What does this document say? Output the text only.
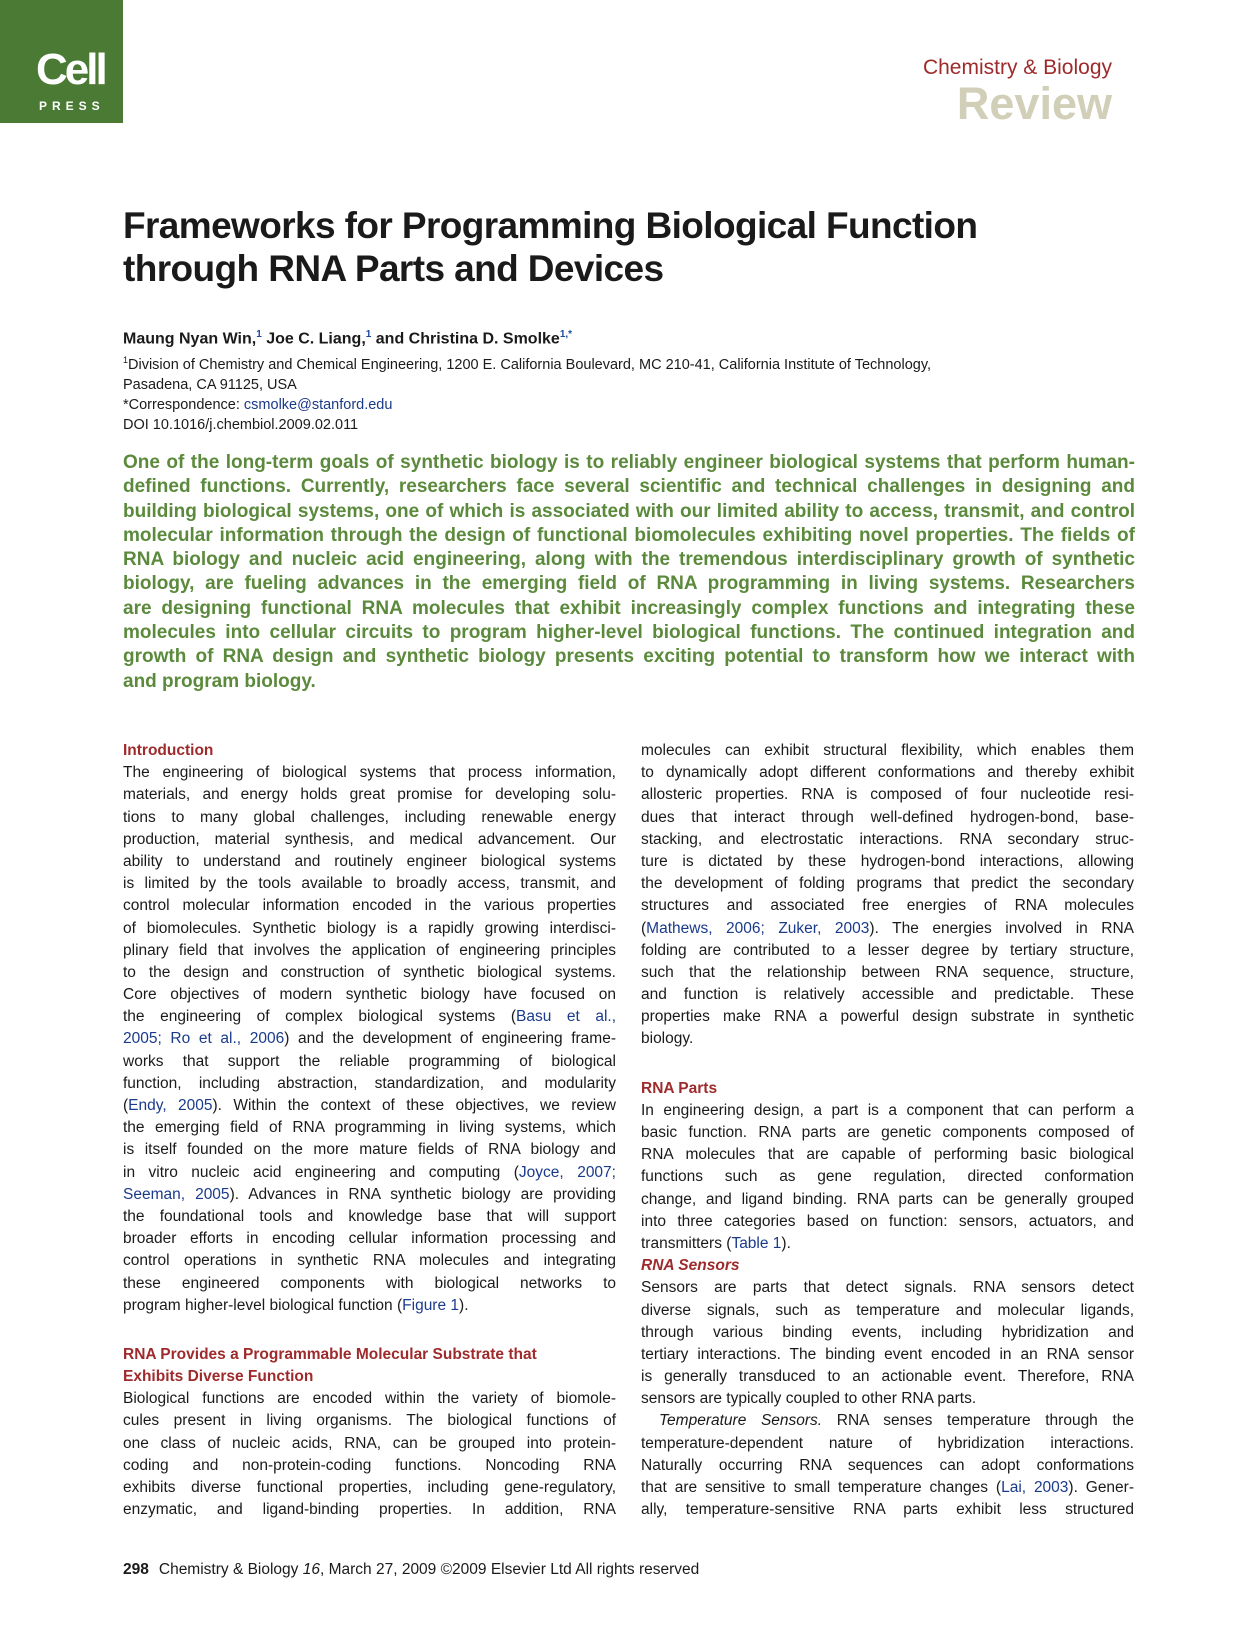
Cell
PRESS
Chemistry & Biology
Review
Frameworks for Programming Biological Function
through RNA Parts and Devices
Maung Nyan Win,$^1$ Joe C. Liang,$^1$ and Christina D. Smolke$^{1,*}$
$^1$Division of Chemistry and Chemical Engineering, 1200 E. California Boulevard, MC 210-41, California Institute of Technology,
Pasadena, CA 91125, USA
*Correspondence: csmolke@stanford.edu
DOI 10.1016/j.chembiol.2009.02.011
One of the long-term goals of synthetic biology is to reliably engineer biological systems that perform human-
defined functions. Currently, researchers face several scientific and technical challenges in designing and
building biological systems, one of which is associated with our limited ability to access, transmit, and control
molecular information through the design of functional biomolecules exhibiting novel properties. The fields of
RNA biology and nucleic acid engineering, along with the tremendous interdisciplinary growth of synthetic
biology, are fueling advances in the emerging field of RNA programming in living systems. Researchers
are designing functional RNA molecules that exhibit increasingly complex functions and integrating these
molecules into cellular circuits to program higher-level biological functions. The continued integration and
growth of RNA design and synthetic biology presents exciting potential to transform how we interact with
and program biology.
Introduction
The engineering of biological systems that process information,
materials, and energy holds great promise for developing solu-
tions to many global challenges, including renewable energy
production, material synthesis, and medical advancement. Our
ability to understand and routinely engineer biological systems
is limited by the tools available to broadly access, transmit, and
control molecular information encoded in the various properties
of biomolecules. Synthetic biology is a rapidly growing interdisci-
plinary field that involves the application of engineering principles
to the design and construction of synthetic biological systems.
Core objectives of modern synthetic biology have focused on
the engineering of complex biological systems (Basu et al.,
2005; Ro et al., 2006) and the development of engineering frame-
works that support the reliable programming of biological
function, including abstraction, standardization, and modularity
(Endy, 2005). Within the context of these objectives, we review
the emerging field of RNA programming in living systems, which
is itself founded on the more mature fields of RNA biology and
in vitro nucleic acid engineering and computing (Joyce, 2007;
Seeman, 2005). Advances in RNA synthetic biology are providing
the foundational tools and knowledge base that will support
broader efforts in encoding cellular information processing and
control operations in synthetic RNA molecules and integrating
these engineered components with biological networks to
program higher-level biological function (Figure 1).
RNA Provides a Programmable Molecular Substrate that
Exhibits Diverse Function
Biological functions are encoded within the variety of biomole-
cules present in living organisms. The biological functions of
one class of nucleic acids, RNA, can be grouped into protein-
coding and non-protein-coding functions. Noncoding RNA
exhibits diverse functional properties, including gene-regulatory,
enzymatic, and ligand-binding properties. In addition, RNA
molecules can exhibit structural flexibility, which enables them
to dynamically adopt different conformations and thereby exhibit
allosteric properties. RNA is composed of four nucleotide resi-
dues that interact through well-defined hydrogen-bond, base-
stacking, and electrostatic interactions. RNA secondary struc-
ture is dictated by these hydrogen-bond interactions, allowing
the development of folding programs that predict the secondary
structures and associated free energies of RNA molecules
(Mathews, 2006; Zuker, 2003). The energies involved in RNA
folding are contributed to a lesser degree by tertiary structure,
such that the relationship between RNA sequence, structure,
and function is relatively accessible and predictable. These
properties make RNA a powerful design substrate in synthetic
biology.
RNA Parts
In engineering design, a part is a component that can perform a
basic function. RNA parts are genetic components composed of
RNA molecules that are capable of performing basic biological
functions such as gene regulation, directed conformation
change, and ligand binding. RNA parts can be generally grouped
into three categories based on function: sensors, actuators, and
transmitters (Table 1).
RNA Sensors
Sensors are parts that detect signals. RNA sensors detect
diverse signals, such as temperature and molecular ligands,
through various binding events, including hybridization and
tertiary interactions. The binding event encoded in an RNA sensor
is generally transduced to an actionable event. Therefore, RNA
sensors are typically coupled to other RNA parts.
Temperature Sensors. RNA senses temperature through the
temperature-dependent nature of hybridization interactions.
Naturally occurring RNA sequences can adopt conformations
that are sensitive to small temperature changes (Lai, 2003). Gener-
ally, temperature-sensitive RNA parts exhibit less structured
298 Chemistry & Biology 16, March 27, 2009 ©2009 Elsevier Ltd All rights reserved
